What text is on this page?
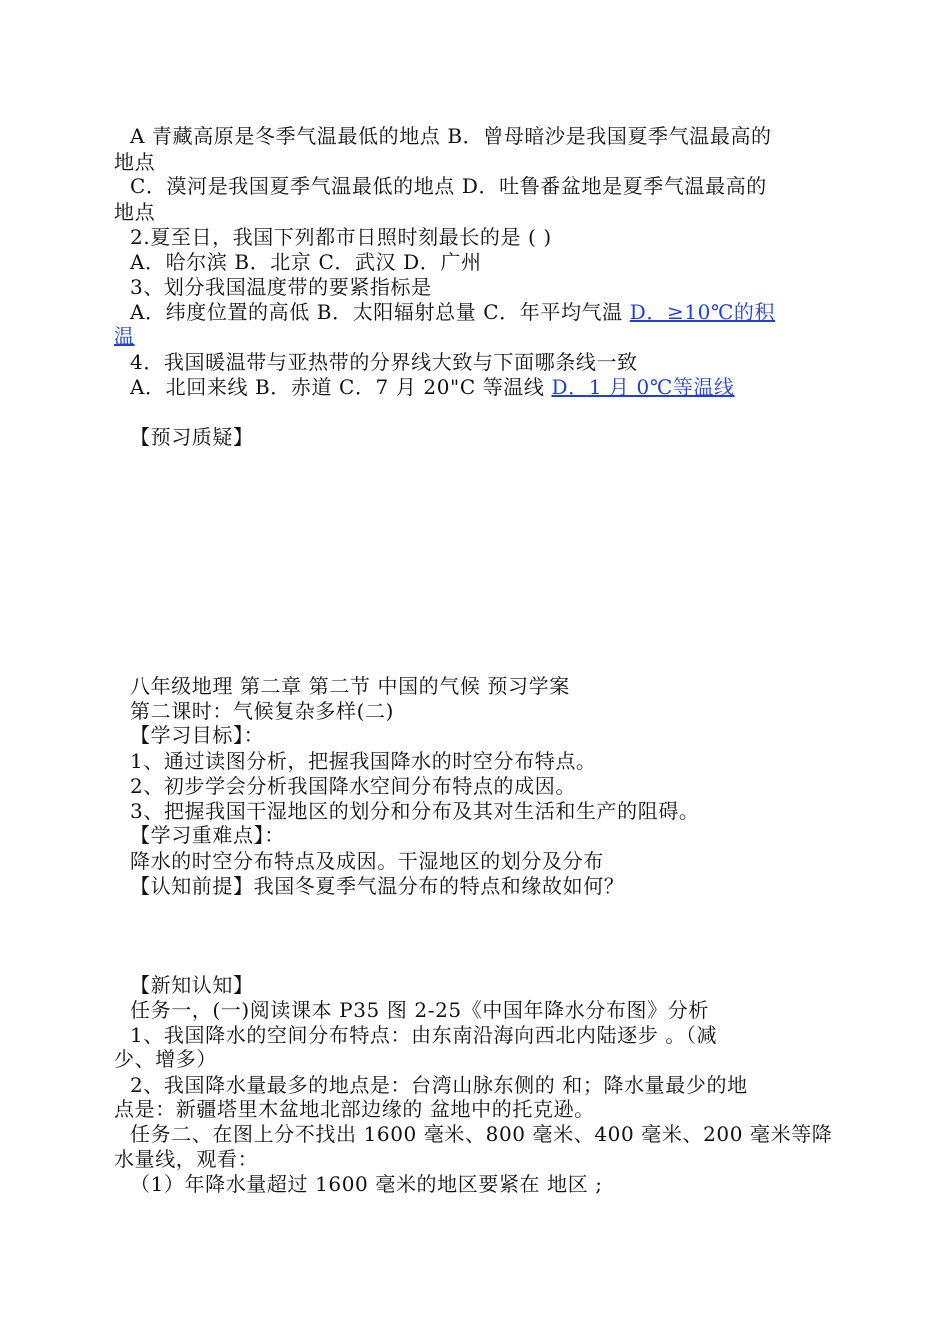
A 青藏高原是冬季气温最低的地点 B．曾母暗沙是我国夏季气温最高的
地点
C．漠河是我国夏季气温最低的地点 D．吐鲁番盆地是夏季气温最高的
地点
2.夏至日，我国下列都市日照时刻最长的是 ( )
A．哈尔滨 B．北京 C．武汉 D．广州
3、划分我国温度带的要紧指标是
A．纬度位置的高低 B．太阳辐射总量 C．年平均气温 D．≥10℃的积
温
4．我国暖温带与亚热带的分界线大致与下面哪条线一致
A．北回来线 B．赤道 C．7 月 20"C 等温线 D．1 月 0℃等温线
【预习质疑】
八年级地理 第二章 第二节 中国的气候 预习学案
第二课时：气候复杂多样(二)
【学习目标】：
1、通过读图分析，把握我国降水的时空分布特点。
2、初步学会分析我国降水空间分布特点的成因。
3、把握我国干湿地区的划分和分布及其对生活和生产的阻碍。
【学习重难点】：
降水的时空分布特点及成因。干湿地区的划分及分布
【认知前提】我国冬夏季气温分布的特点和缘故如何？
【新知认知】
任务一，(一)阅读课本 P35 图 2-25《中国年降水分布图》分析
1、我国降水的空间分布特点：由东南沿海向西北内陆逐步 。（减
少、增多）
2、我国降水量最多的地点是：台湾山脉东侧的 和；降水量最少的地
点是：新疆塔里木盆地北部边缘的 盆地中的托克逊。
任务二、在图上分不找出 1600 毫米、800 毫米、400 毫米、200 毫米等降
水量线，观看：
（1）年降水量超过 1600 毫米的地区要紧在 地区 ;
